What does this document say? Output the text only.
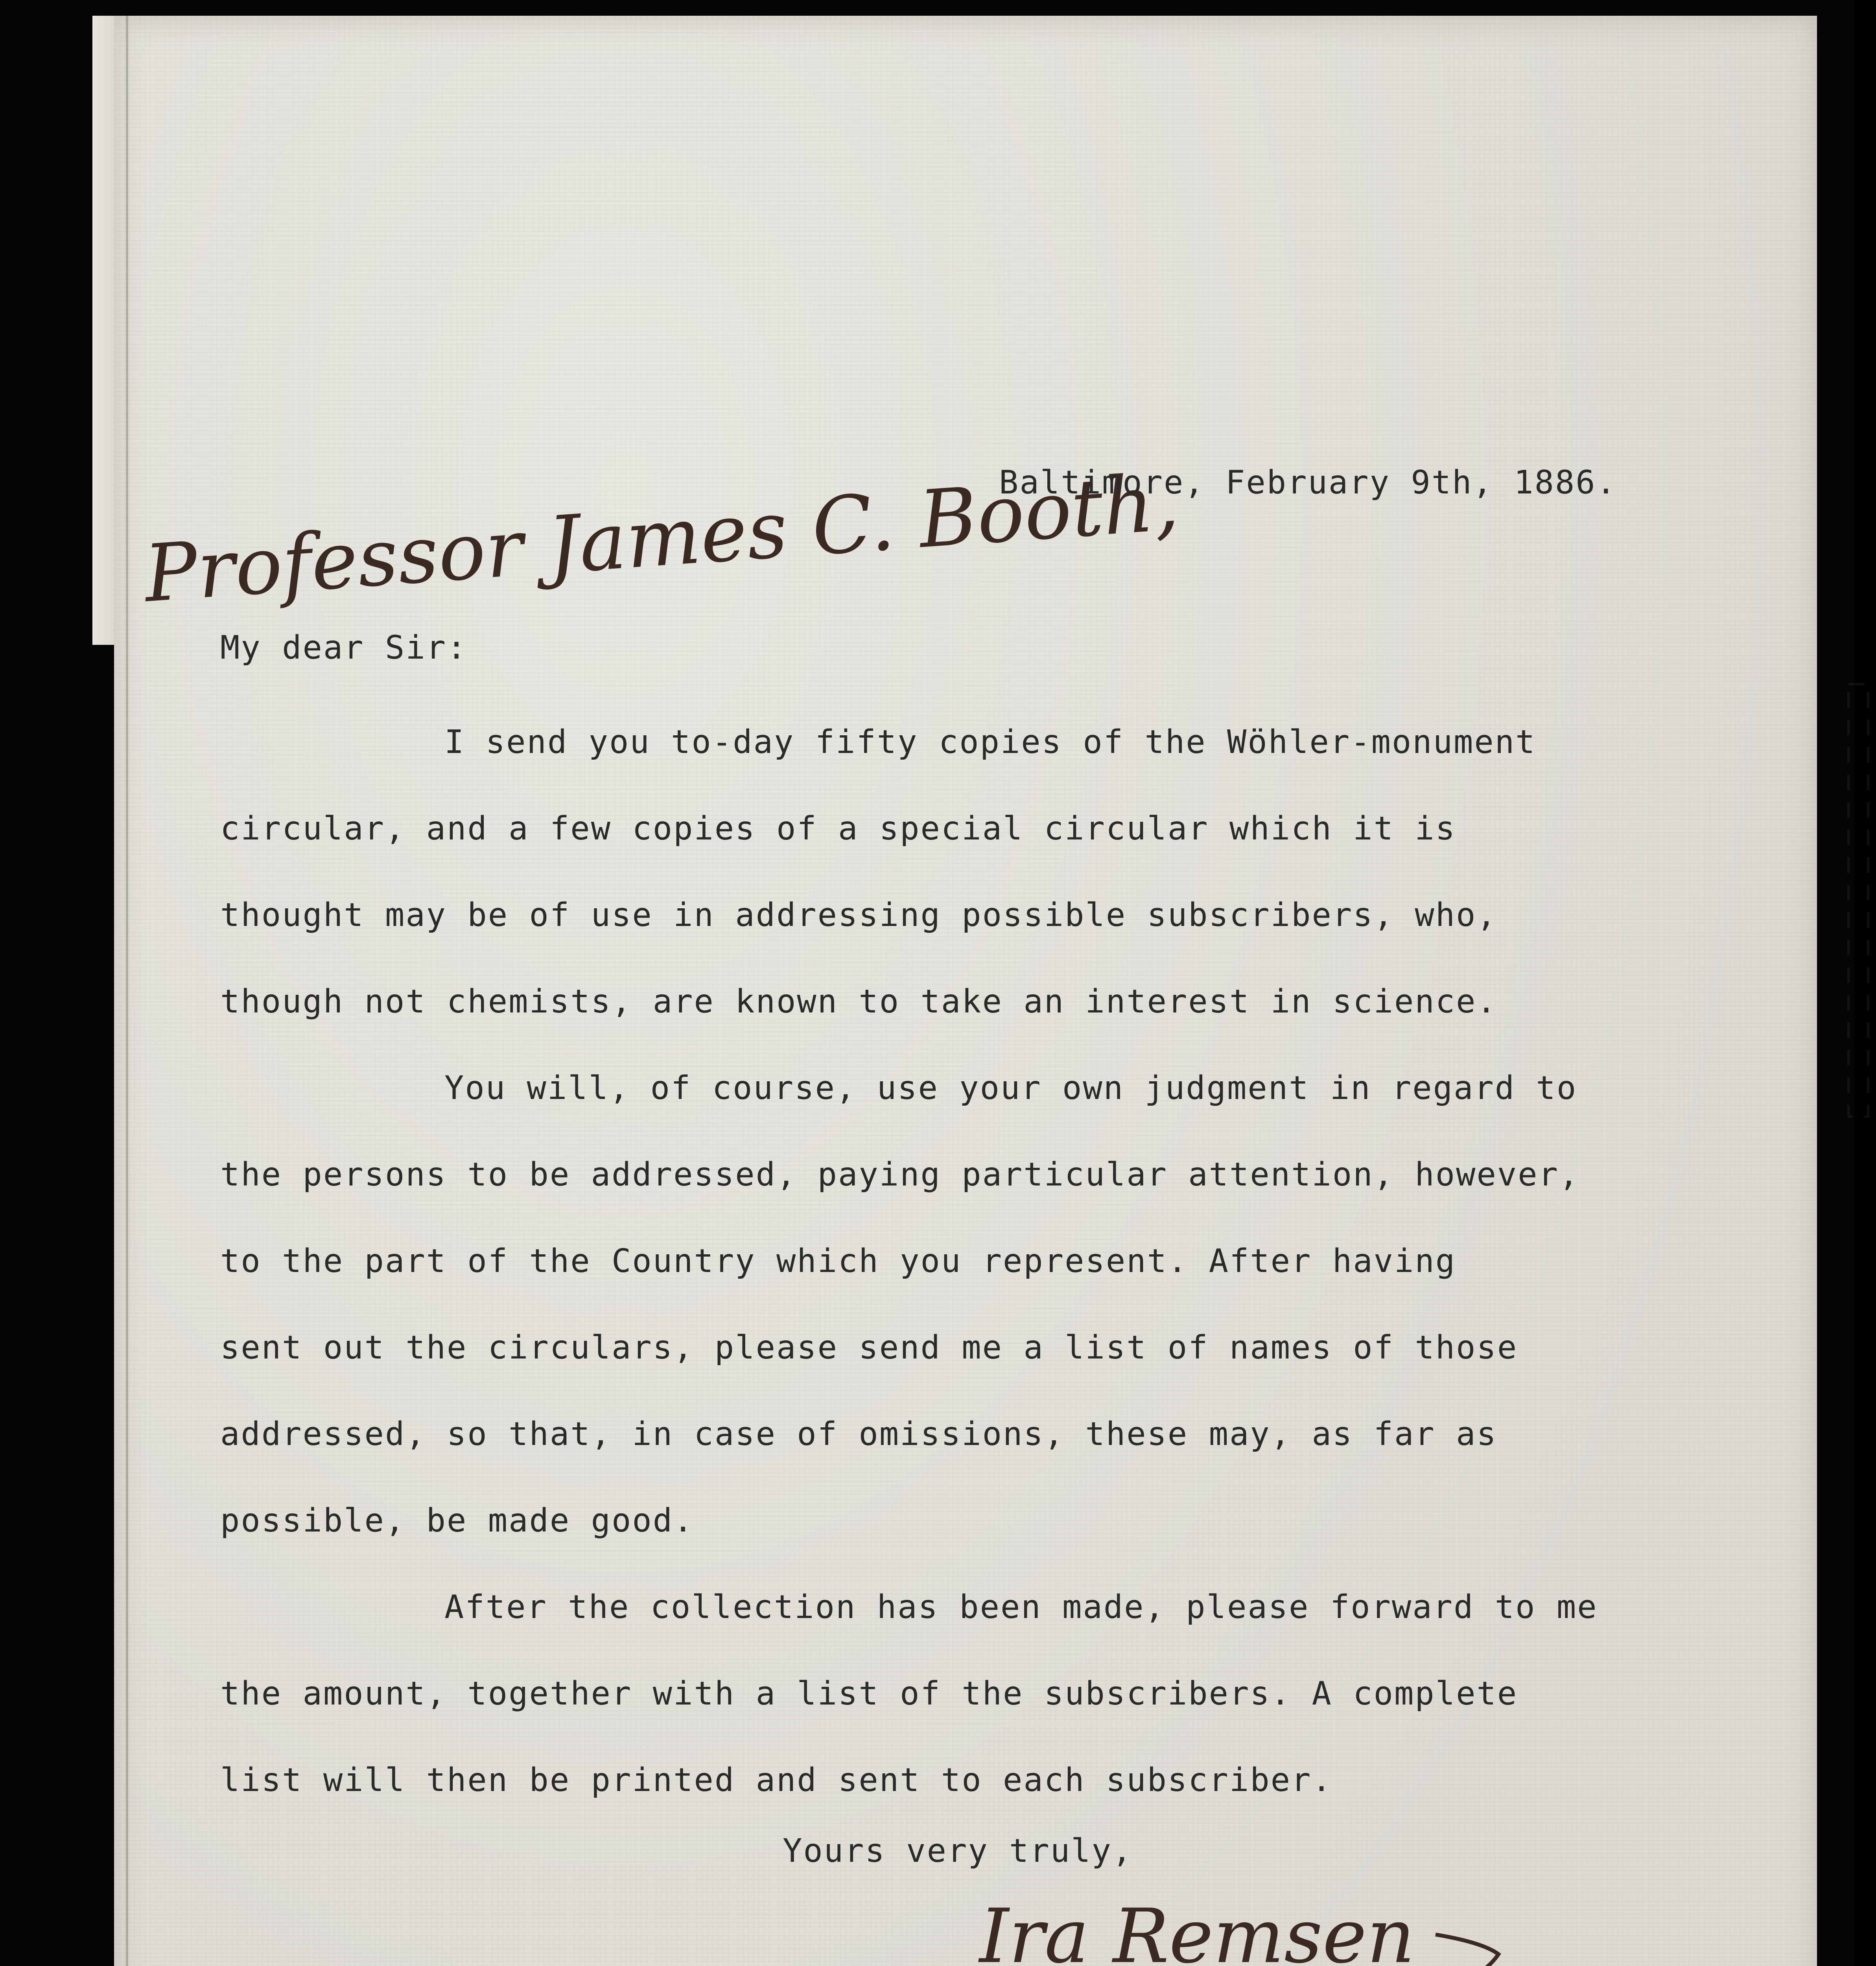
Professor James C. Booth,
Baltimore, February 9th, 1886.
My dear Sir:
I send you to-day fifty copies of the Wöhler-monument
circular, and a few copies of a special circular which it is
thought may be of use in addressing possible subscribers, who,
though not chemists, are known to take an interest in science.
You will, of course, use your own judgment in regard to
the persons to be addressed, paying particular attention, however,
to the part of the Country which you represent. After having
sent out the circulars, please send me a list of names of those
addressed, so that, in case of omissions, these may, as far as
possible, be made good.
After the collection has been made, please forward to me
the amount, together with a list of the subscribers. A complete
list will then be printed and sent to each subscriber.
Yours very truly,
Ira Remsen
